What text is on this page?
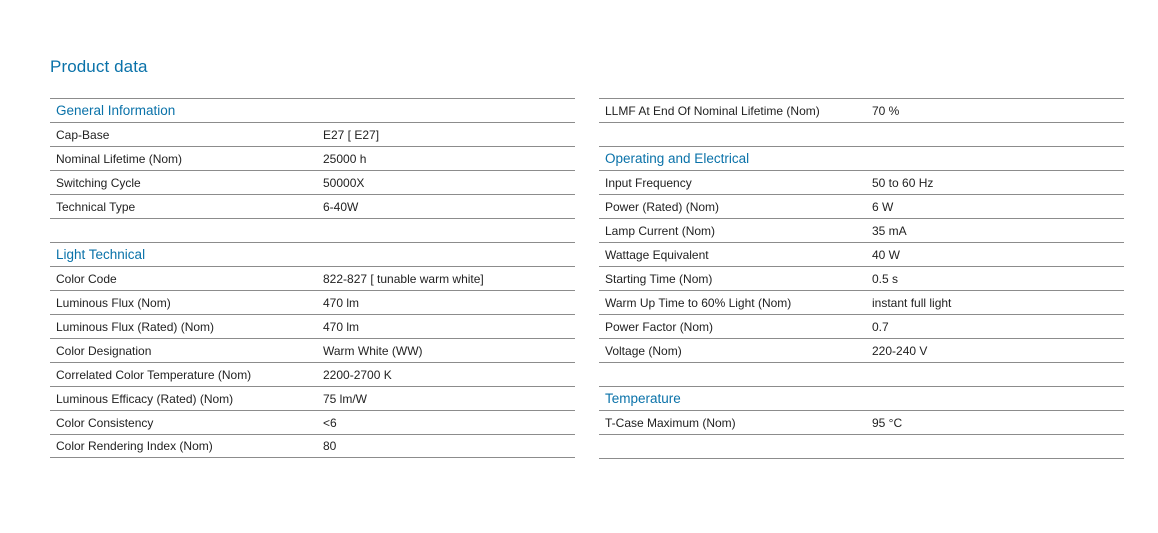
Product data
General Information
Cap-Base	E27 [ E27]
Nominal Lifetime (Nom)	25000 h
Switching Cycle	50000X
Technical Type	6-40W
Light Technical
Color Code	822-827 [ tunable warm white]
Luminous Flux (Nom)	470 lm
Luminous Flux (Rated) (Nom)	470 lm
Color Designation	Warm White (WW)
Correlated Color Temperature (Nom)	2200-2700 K
Luminous Efficacy (Rated) (Nom)	75 lm/W
Color Consistency	<6
Color Rendering Index (Nom)	80
LLMF At End Of Nominal Lifetime (Nom)	70 %
Operating and Electrical
Input Frequency	50 to 60 Hz
Power (Rated) (Nom)	6 W
Lamp Current (Nom)	35 mA
Wattage Equivalent	40 W
Starting Time (Nom)	0.5 s
Warm Up Time to 60% Light (Nom)	instant full light
Power Factor (Nom)	0.7
Voltage (Nom)	220-240 V
Temperature
T-Case Maximum (Nom)	95 °C
